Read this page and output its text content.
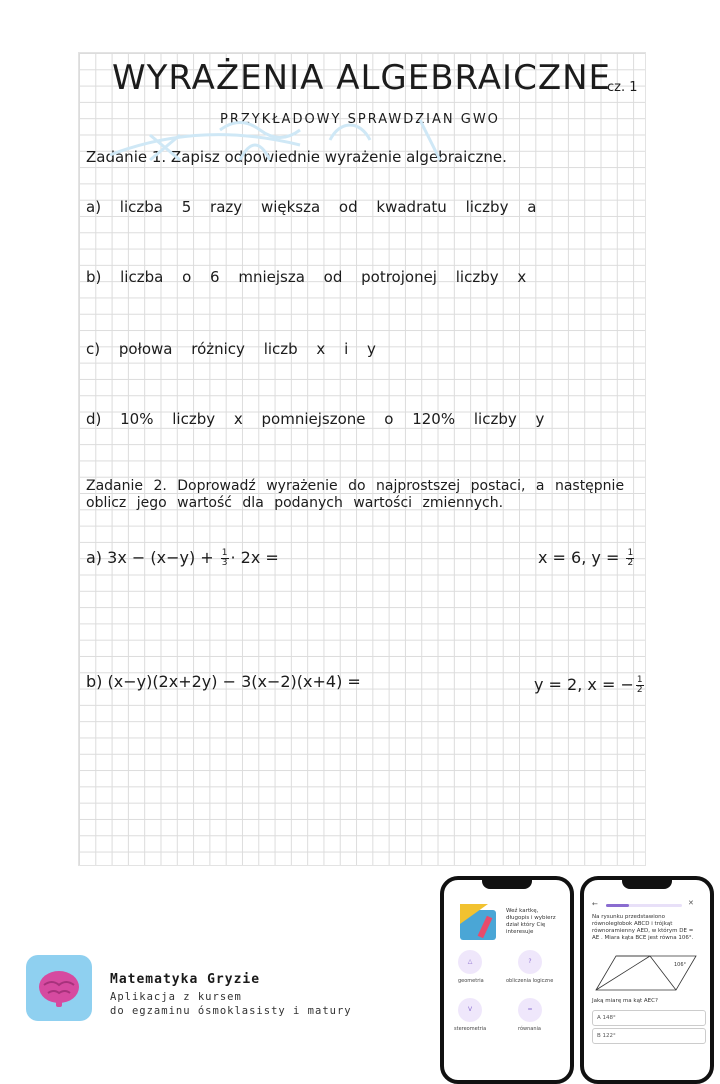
WYRAŻENIA ALGEBRAICZNE
cz. 1
PRZYKŁADOWY SPRAWDZIAN GWO
Zadanie 1. Zapisz odpowiednie wyrażenie algebraiczne.
a) liczba 5 razy większa od kwadratu liczby a
b) liczba o 6 mniejsza od potrojonej liczby x
c) połowa różnicy liczb x i y
d) 10% liczby x pomniejszone o 120% liczby y
Zadanie 2. Doprowadź wyrażenie do najprostszej postaci, a następnie oblicz jego wartość dla podanych wartości zmiennych.
a) $3x - (x-y) + \frac{1}{3} \cdot 2x$ =	x = 6, $y = \frac{1}{2}$
b) (x−y)(2x+2y) − 3(x−2)(x+4) =	y = 2, x = − $\frac{1}{2}$
Matematyka Gryzie
Aplikacja z kursem
do egzaminu ósmoklasisty i matury
Weź kartkę, długopis i wybierz dział który Cię interesuje
△	?
geometria	obliczenia logiczne
V	=
stereometria	równania
←	✕
Na rysunku przedstawiono równoległobok ABCD i trójkąt równoramienny AED, w którym DE = AE . Miara kąta BCE jest równa 106°.
106°
Jaką miarę ma kąt AEC?
A 148°
B 122°
